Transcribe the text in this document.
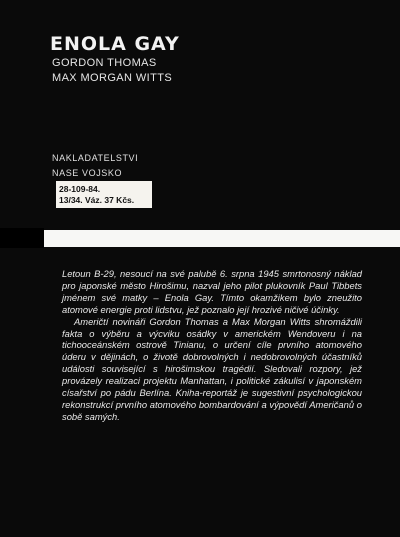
ENOLA GAY
GORDON THOMAS
MAX MORGAN WITTS
NAKLADATELSTVI
NASE VOJSKO
28-109-84.
13/34. Váz. 37 Kčs.

Letoun B-29, nesoucí na své palubě 6. srpna 1945 smrtonosný náklad pro japonské město Hirošimu, nazval jeho pilot plukovník Paul Tibbets jménem své matky – Enola Gay. Tímto okamžikem bylo zneužito atomové energie proti lidstvu, jež poznalo její hrozivé ničivé účinky.

Američtí novináři Gordon Thomas a Max Morgan Witts shromáždili fakta o výběru a výcviku osádky v americkém Wendoveru i na tichooceánském ostrově Tinianu, o určení cíle prvního atomového úderu v dějinách, o životě dobrovolných i nedobrovolných účastníků události související s hirošimskou tragédií. Sledovali rozpory, jež provázely realizaci projektu Manhattan, i politické zákulisí v japonském císařství po pádu Berlína. Kniha-reportáž je sugestivní psychologickou rekonstrukcí prvního atomového bombardování a výpovědí Američanů o sobě samých.
